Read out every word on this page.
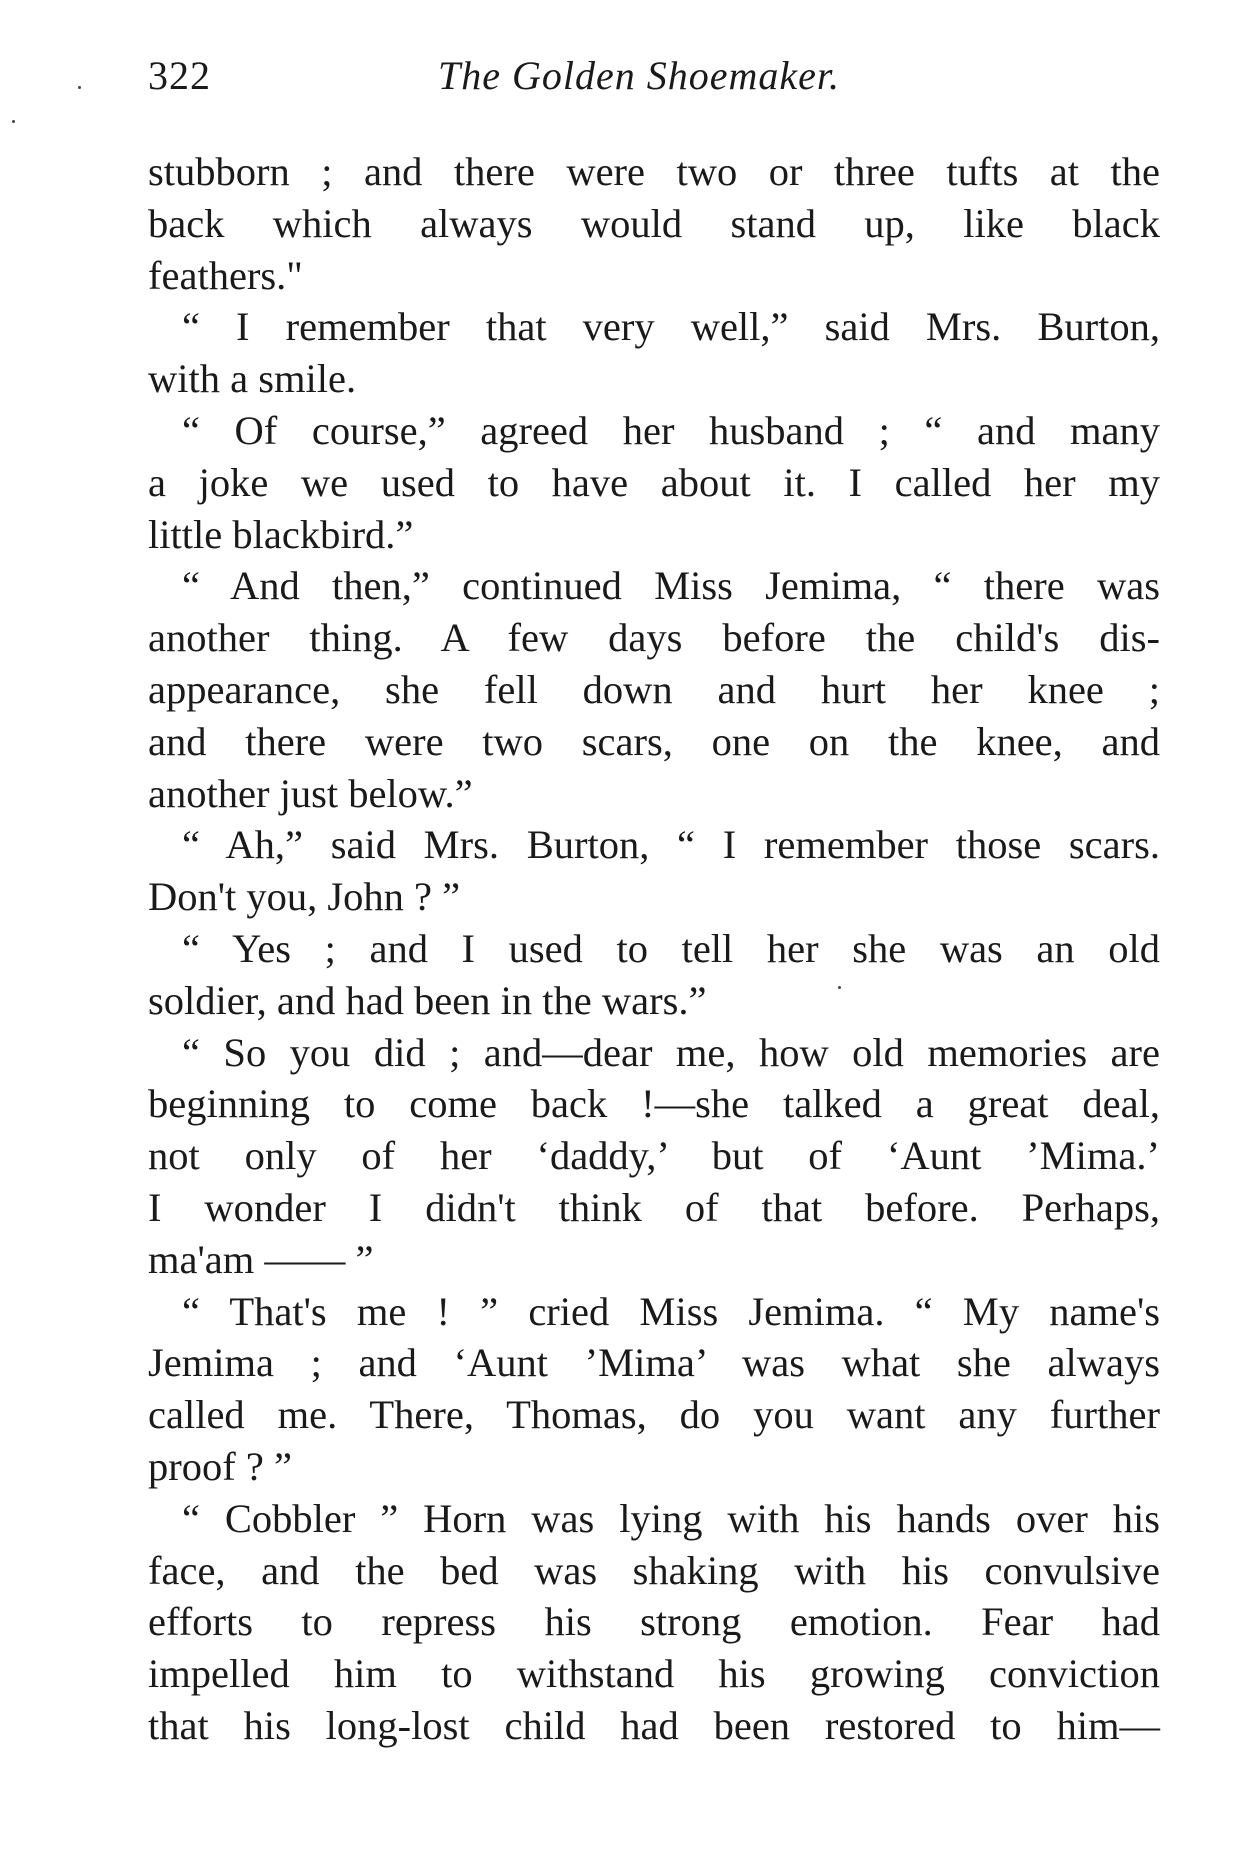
322	The Golden Shoemaker.
stubborn ; and there were two or three tufts at the
back which always would stand up, like black
feathers."
“ I remember that very well,” said Mrs. Burton,
with a smile.
“ Of course,” agreed her husband ; “ and many
a joke we used to have about it. I called her my
little blackbird.”
“ And then,” continued Miss Jemima, “ there was
another thing. A few days before the child's dis-
appearance, she fell down and hurt her knee ;
and there were two scars, one on the knee, and
another just below.”
“ Ah,” said Mrs. Burton, “ I remember those scars.
Don't you, John ? ”
“ Yes ; and I used to tell her she was an old
soldier, and had been in the wars.”
“ So you did ; and—dear me, how old memories are
beginning to come back !—she talked a great deal,
not only of her ‘daddy,’ but of ‘Aunt ’Mima.’
I wonder I didn't think of that before. Perhaps,
ma'am —— ”
“ That's me ! ” cried Miss Jemima. “ My name's
Jemima ; and ‘Aunt ’Mima’ was what she always
called me. There, Thomas, do you want any further
proof ? ”
“ Cobbler ” Horn was lying with his hands over his
face, and the bed was shaking with his convulsive
efforts to repress his strong emotion. Fear had
impelled him to withstand his growing conviction
that his long-lost child had been restored to him—
